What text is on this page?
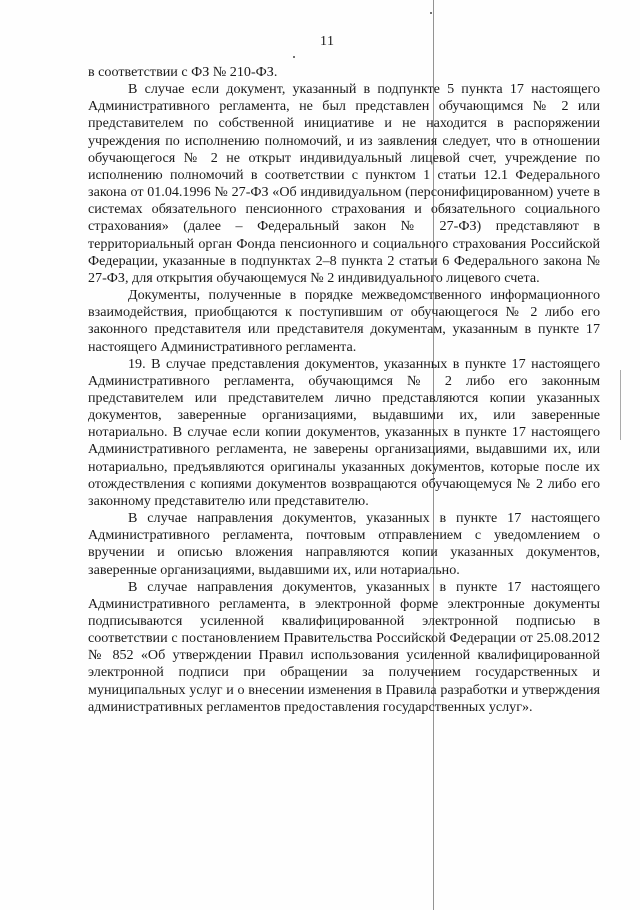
11

в соответствии с ФЗ № 210-ФЗ.

В случае если документ, указанный в подпункте 5 пункта 17 настоящего Административного регламента, не был представлен обучающимся № 2 или представителем по собственной инициативе и не находится в распоряжении учреждения по исполнению полномочий, и из заявления следует, что в отношении обучающегося № 2 не открыт индивидуальный лицевой счет, учреждение по исполнению полномочий в соответствии с пунктом 1 статьи 12.1 Федерального закона от 01.04.1996 № 27-ФЗ «Об индивидуальном (персонифицированном) учете в системах обязательного пенсионного страхования и обязательного социального страхования» (далее – Федеральный закон № 27-ФЗ) представляют в территориальный орган Фонда пенсионного и социального страхования Российской Федерации, указанные в подпунктах 2–8 пункта 2 статьи 6 Федерального закона № 27-ФЗ, для открытия обучающемуся № 2 индивидуального лицевого счета.

Документы, полученные в порядке межведомственного информационного взаимодействия, приобщаются к поступившим от обучающегося № 2 либо его законного представителя или представителя документам, указанным в пункте 17 настоящего Административного регламента.

19. В случае представления документов, указанных в пункте 17 настоящего Административного регламента, обучающимся № 2 либо его законным представителем или представителем лично представляются копии указанных документов, заверенные организациями, выдавшими их, или заверенные нотариально. В случае если копии документов, указанных в пункте 17 настоящего Административного регламента, не заверены организациями, выдавшими их, или нотариально, предъявляются оригиналы указанных документов, которые после их отождествления с копиями документов возвращаются обучающемуся № 2 либо его законному представителю или представителю.

В случае направления документов, указанных в пункте 17 настоящего Административного регламента, почтовым отправлением с уведомлением о вручении и описью вложения направляются копии указанных документов, заверенные организациями, выдавшими их, или нотариально.

В случае направления документов, указанных в пункте 17 настоящего Административного регламента, в электронной форме электронные документы подписываются усиленной квалифицированной электронной подписью в соответствии с постановлением Правительства Российской Федерации от 25.08.2012 № 852 «Об утверждении Правил использования усиленной квалифицированной электронной подписи при обращении за получением государственных и муниципальных услуг и о внесении изменения в Правила разработки и утверждения административных регламентов предоставления государственных услуг».
